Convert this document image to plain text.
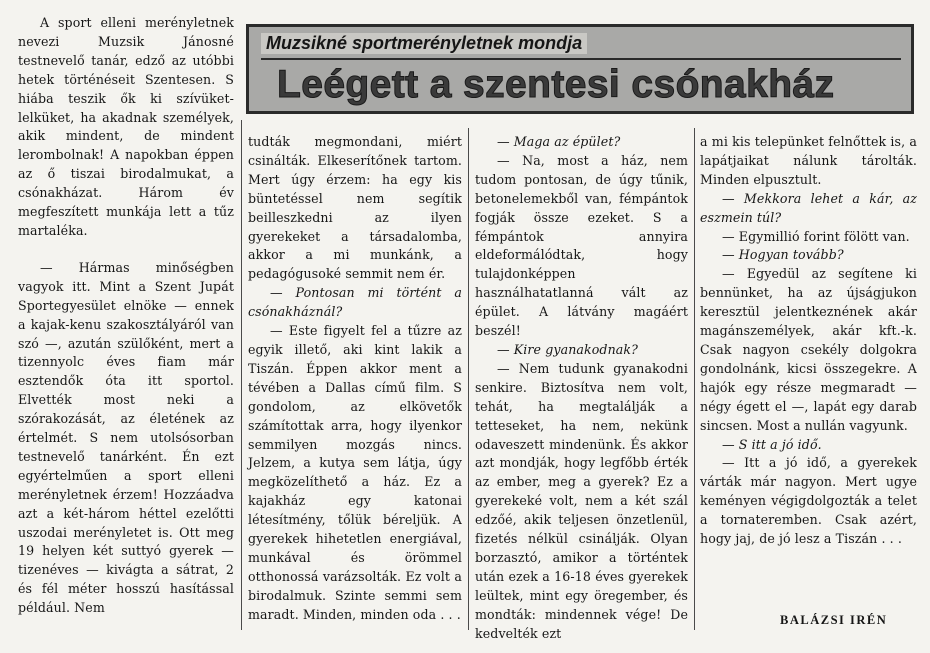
Muzsikné sportmerényletnek mondja
Leégett a szentesi csónakház

A sport elleni merényletnek nevezi Muzsik Jánosné testnevelő tanár, edző az utóbbi hetek történéseit Szentesen. S hiába teszik ők ki szívüket-lelküket, ha akadnak személyek, akik mindent, de mindent lerombolnak! A napokban éppen az ő tiszai birodalmukat, a csónakházat. Három év megfeszített munkája lett a tűz martaléka.

— Hármas minőségben vagyok itt. Mint a Szent Jupát Sportegyesület elnöke — ennek a kajak-kenu szakosztályáról van szó —, azután szülőként, mert a tizennyolc éves fiam már esztendők óta itt sportol. Elvették most neki a szórakozását, az életének az értelmét. S nem utolsósorban testnevelő tanárként. Én ezt egyértelműen a sport elleni merényletnek érzem! Hozzáadva azt a két-három héttel ezelőtti uszodai merényletet is. Ott meg 19 helyen két suttyó gyerek — tizenéves — kivágta a sátrat, 2 és fél méter hosszú hasítással például. Nem

tudták megmondani, miért csinálták. Elkeserítőnek tartom. Mert úgy érzem: ha egy kis büntetéssel nem segítik beilleszkedni az ilyen gyerekeket a társadalomba, akkor a mi munkánk, a pedagógusoké semmit nem ér.

— Pontosan mi történt a csónakháznál?

— Este figyelt fel a tűzre az egyik illető, aki kint lakik a Tiszán. Éppen akkor ment a tévében a Dallas című film. S gondolom, az elkövetők számítottak arra, hogy ilyenkor semmilyen mozgás nincs. Jelzem, a kutya sem látja, úgy megközelíthető a ház. Ez a kajakház egy katonai létesítmény, tőlük béreljük. A gyerekek hihetetlen energiával, munkával és örömmel otthonossá varázsolták. Ez volt a birodalmuk. Szinte semmi sem maradt. Minden, minden oda . . .

— Maga az épület?

— Na, most a ház, nem tudom pontosan, de úgy tűnik, betonelemekből van, fémpántok fogják össze ezeket. S a fémpántok annyira eldeformálódtak, hogy tulajdonképpen használhatatlanná vált az épület. A látvány magáért beszél!

— Kire gyanakodnak?

— Nem tudunk gyanakodni senkire. Biztosítva nem volt, tehát, ha megtalálják a tetteseket, ha nem, nekünk odaveszett mindenünk. És akkor azt mondják, hogy legfőbb érték az ember, meg a gyerek? Ez a gyerekeké volt, nem a két szál edzőé, akik teljesen önzetlenül, fizetés nélkül csinálják. Olyan borzasztó, amikor a történtek után ezek a 16-18 éves gyerekek leültek, mint egy öregember, és mondták: mindennek vége! De kedvelték ezt

a mi kis telepünket felnőttek is, a lapátjaikat nálunk tárolták. Minden elpusztult.

— Mekkora lehet a kár, az eszmein túl?

— Egymillió forint fölött van.

— Hogyan tovább?

— Egyedül az segítene ki bennünket, ha az újságjukon keresztül jelentkeznének akár magánszemélyek, akár kft.-k. Csak nagyon csekély dolgokra gondolnánk, kicsi összegekre. A hajók egy része megmaradt — négy égett el —, lapát egy darab sincsen. Most a nullán vagyunk.

— S itt a jó idő.

— Itt a jó idő, a gyerekek várták már nagyon. Mert ugye keményen végigdolgozták a telet a tornateremben. Csak azért, hogy jaj, de jó lesz a Tiszán . . .

BALÁZSI IRÉN
